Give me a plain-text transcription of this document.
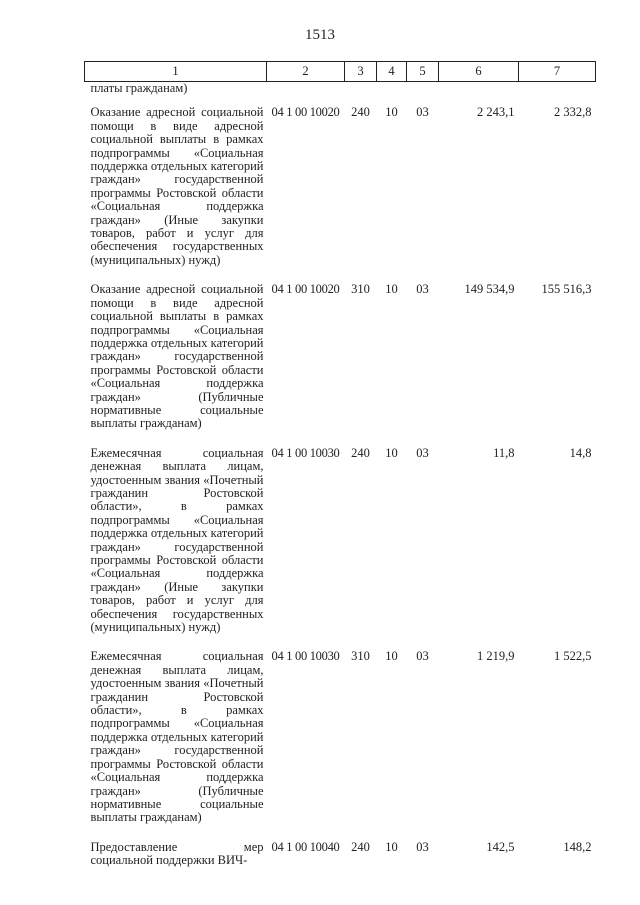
1513
1	2	3	4	5	6	7
платы гражданам)						
Оказание адресной социальной помощи в виде адресной социальной выплаты в рамках подпрограммы «Социальная поддержка отдельных категорий граждан» государственной программы Ростовской области «Социальная поддержка граждан» (Иные закупки товаров, работ и услуг для обеспечения государственных (муниципальных) нужд)	04 1 00 10020	240	10	03	2 243,1	2 332,8
Оказание адресной социальной помощи в виде адресной социальной выплаты в рамках подпрограммы «Социальная поддержка отдельных категорий граждан» государственной программы Ростовской области «Социальная поддержка граждан» (Публичные нормативные социальные выплаты гражданам)	04 1 00 10020	310	10	03	149 534,9	155 516,3
Ежемесячная социальная денежная выплата лицам, удостоенным звания «Почетный гражданин Ростовской области», в рамках подпрограммы «Социальная поддержка отдельных категорий граждан» государственной программы Ростовской области «Социальная поддержка граждан» (Иные закупки товаров, работ и услуг для обеспечения государственных (муниципальных) нужд)	04 1 00 10030	240	10	03	11,8	14,8
Ежемесячная социальная денежная выплата лицам, удостоенным звания «Почетный гражданин Ростовской области», в рамках подпрограммы «Социальная поддержка отдельных категорий граждан» государственной программы Ростовской области «Социальная поддержка граждан» (Публичные нормативные социальные выплаты гражданам)	04 1 00 10030	310	10	03	1 219,9	1 522,5
Предоставление мер социальной поддержки ВИЧ-	04 1 00 10040	240	10	03	142,5	148,2
